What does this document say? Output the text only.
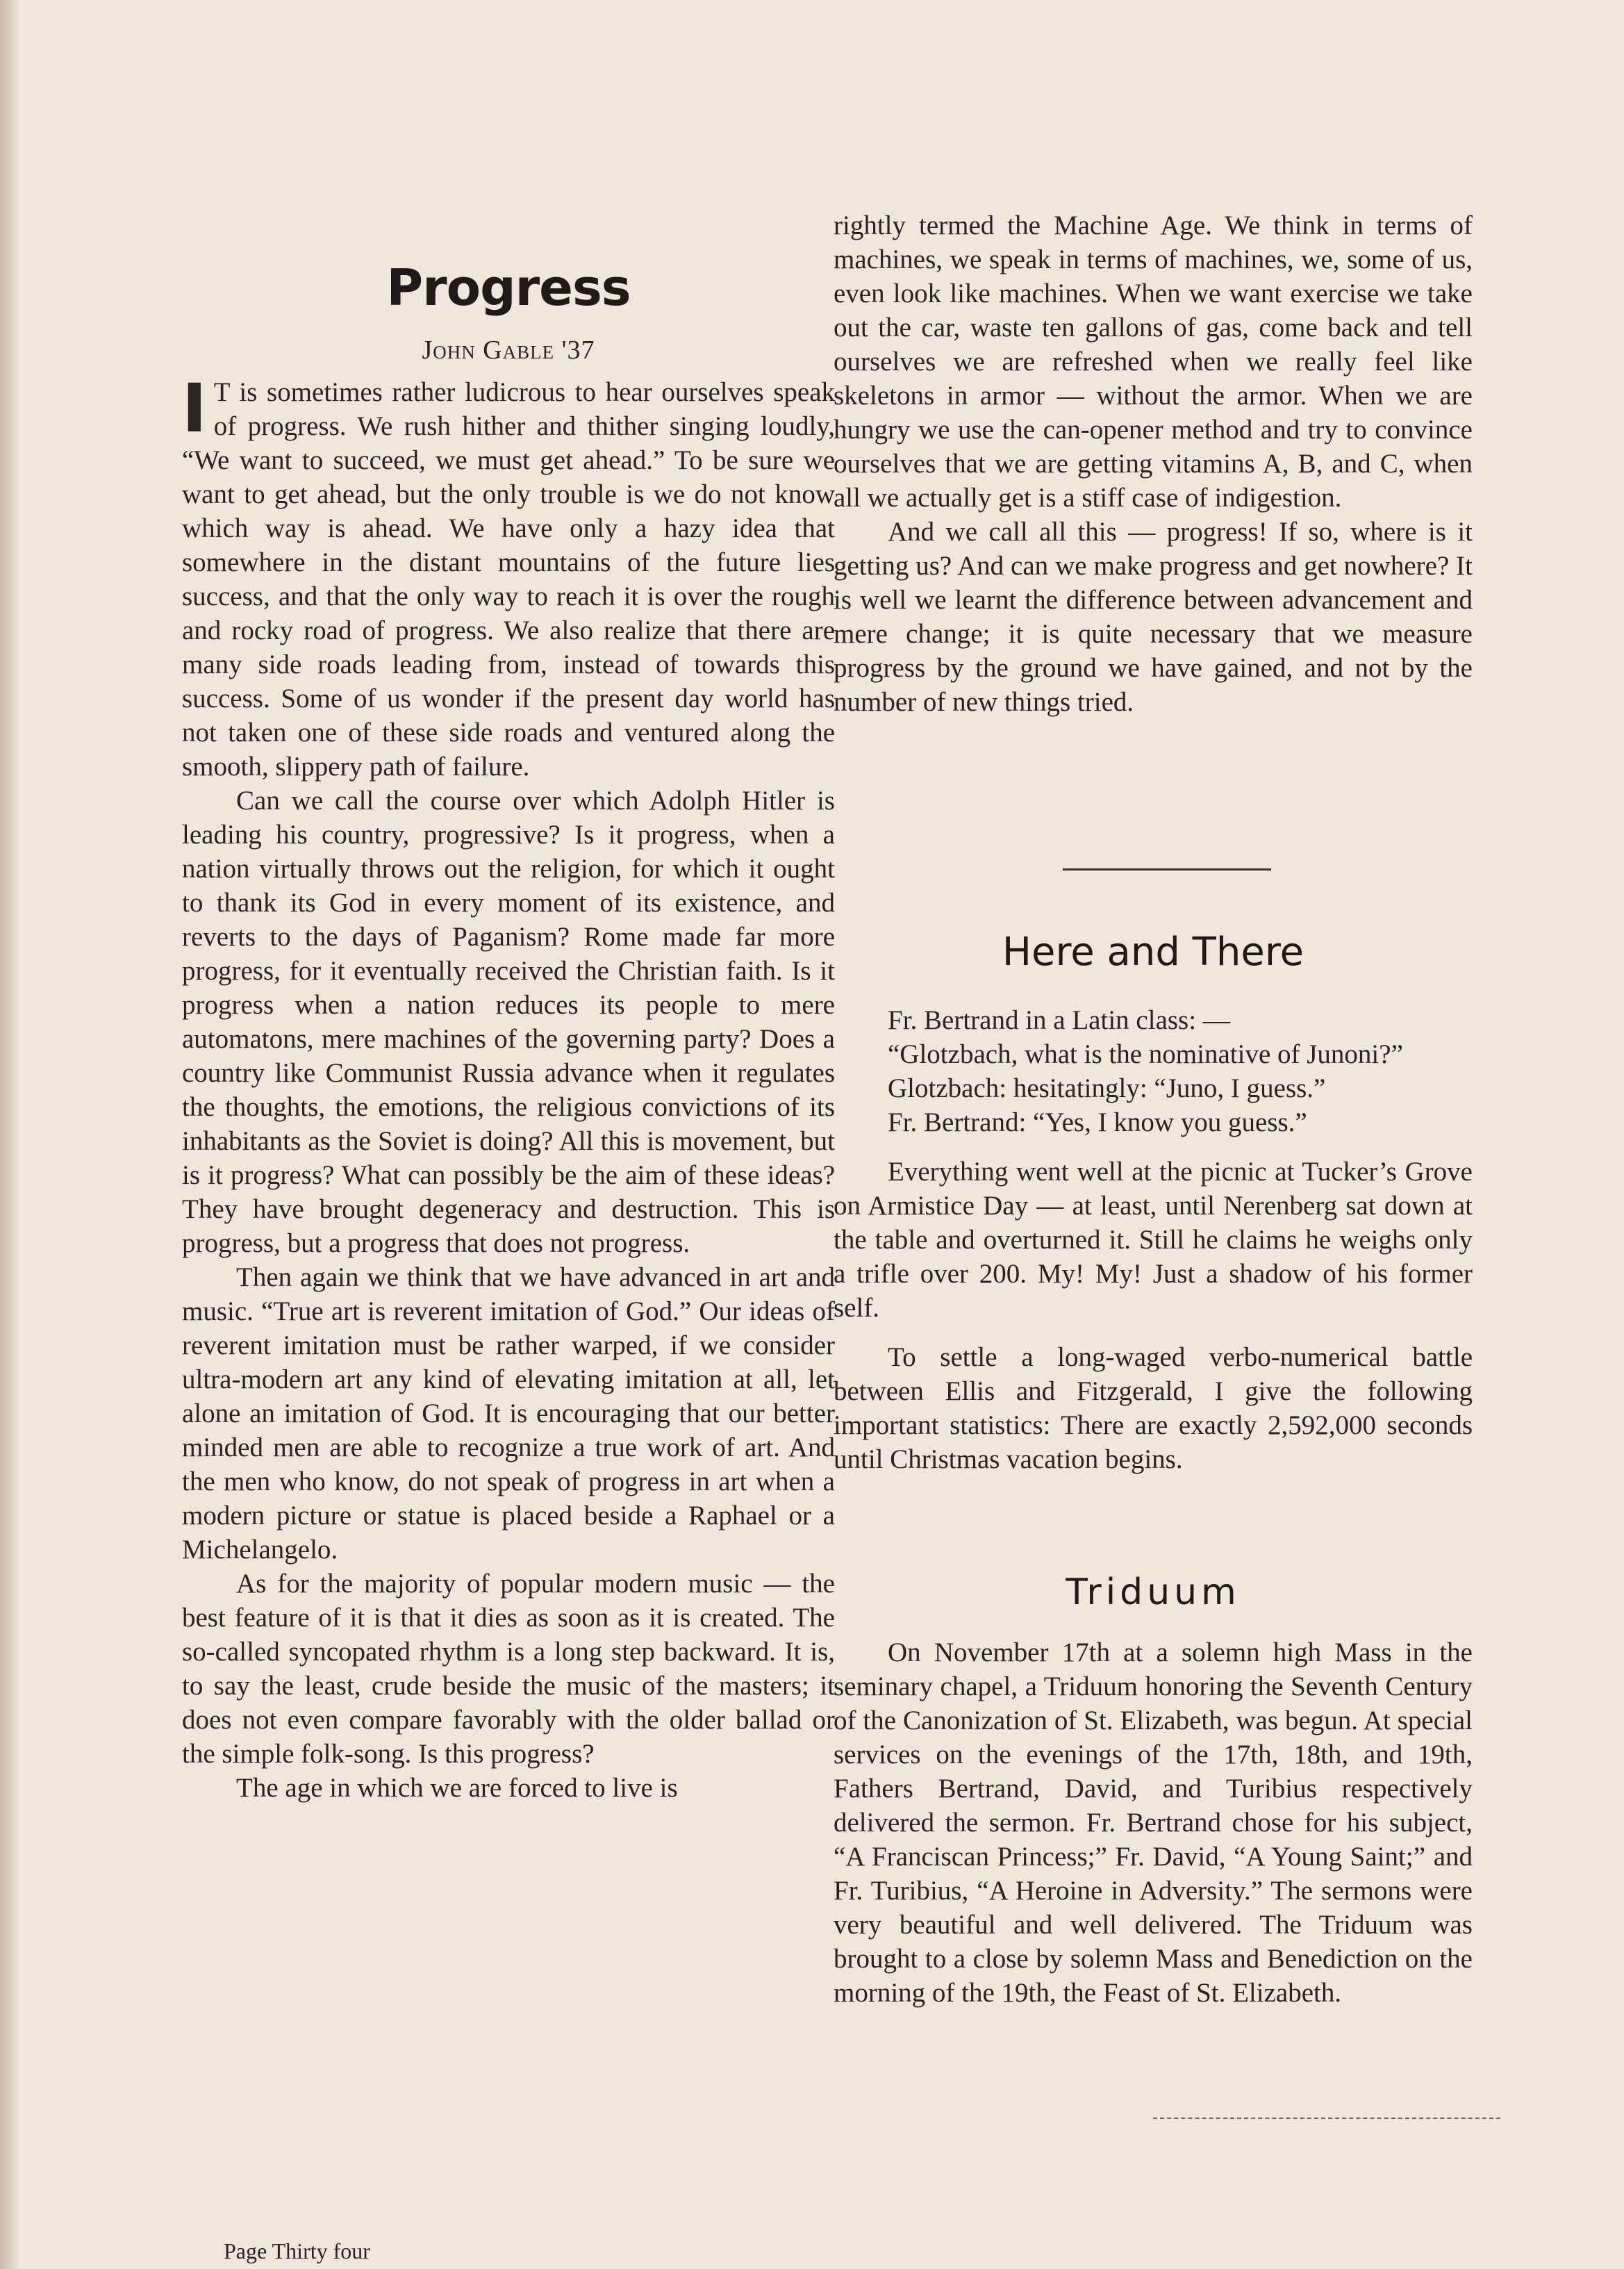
Progress
John Gable '37

I T is sometimes rather ludicrous to hear ourselves speak of progress. We rush hither and thither singing loudly, “We want to succeed, we must get ahead.” To be sure we want to get ahead, but the only trouble is we do not know which way is ahead. We have only a hazy idea that somewhere in the distant mountains of the future lies success, and that the only way to reach it is over the rough and rocky road of progress. We also realize that there are many side roads leading from, instead of towards this success. Some of us wonder if the present day world has not taken one of these side roads and ventured along the smooth, slippery path of failure.

Can we call the course over which Adolph Hitler is leading his country, progressive? Is it progress, when a nation virtually throws out the religion, for which it ought to thank its God in every moment of its existence, and reverts to the days of Paganism? Rome made far more progress, for it eventually received the Christian faith. Is it progress when a nation reduces its people to mere automatons, mere machines of the governing party? Does a country like Communist Russia advance when it regulates the thoughts, the emotions, the religious convictions of its inhabitants as the Soviet is doing? All this is movement, but is it progress? What can possibly be the aim of these ideas? They have brought degeneracy and destruction. This is progress, but a progress that does not progress.

Then again we think that we have advanced in art and music. “True art is reverent imitation of God.” Our ideas of reverent imitation must be rather warped, if we consider ultra-modern art any kind of elevating imitation at all, let alone an imitation of God. It is encouraging that our better minded men are able to recognize a true work of art. And the men who know, do not speak of progress in art when a modern picture or statue is placed beside a Raphael or a Michelangelo.

As for the majority of popular modern music — the best feature of it is that it dies as soon as it is created. The so-called syncopated rhythm is a long step backward. It is, to say the least, crude beside the music of the masters; it does not even compare favorably with the older ballad or the simple folk-song. Is this progress?

The age in which we are forced to live is

rightly termed the Machine Age. We think in terms of machines, we speak in terms of machines, we, some of us, even look like machines. When we want exercise we take out the car, waste ten gallons of gas, come back and tell ourselves we are refreshed when we really feel like skeletons in armor — without the armor. When we are hungry we use the can-opener method and try to convince ourselves that we are getting vitamins A, B, and C, when all we actually get is a stiff case of indigestion.

And we call all this — progress! If so, where is it getting us? And can we make progress and get nowhere? It is well we learnt the difference between advancement and mere change; it is quite necessary that we measure progress by the ground we have gained, and not by the number of new things tried.

Here and There

Fr. Bertrand in a Latin class: —

“Glotzbach, what is the nominative of Junoni?”

Glotzbach: hesitatingly: “Juno, I guess.”

Fr. Bertrand: “Yes, I know you guess.”

Everything went well at the picnic at Tucker’s Grove on Armistice Day — at least, until Nerenberg sat down at the table and overturned it. Still he claims he weighs only a trifle over 200. My! My! Just a shadow of his former self.

To settle a long-waged verbo-numerical battle between Ellis and Fitzgerald, I give the following important statistics: There are exactly 2,592,000 seconds until Christmas vacation begins.

Triduum

On November 17th at a solemn high Mass in the seminary chapel, a Triduum honoring the Seventh Century of the Canonization of St. Elizabeth, was begun. At special services on the evenings of the 17th, 18th, and 19th, Fathers Bertrand, David, and Turibius respectively delivered the sermon. Fr. Bertrand chose for his subject, “A Franciscan Princess;” Fr. David, “A Young Saint;” and Fr. Turibius, “A Heroine in Adversity.” The sermons were very beautiful and well delivered. The Triduum was brought to a close by solemn Mass and Benediction on the morning of the 19th, the Feast of St. Elizabeth.

Page Thirty four
